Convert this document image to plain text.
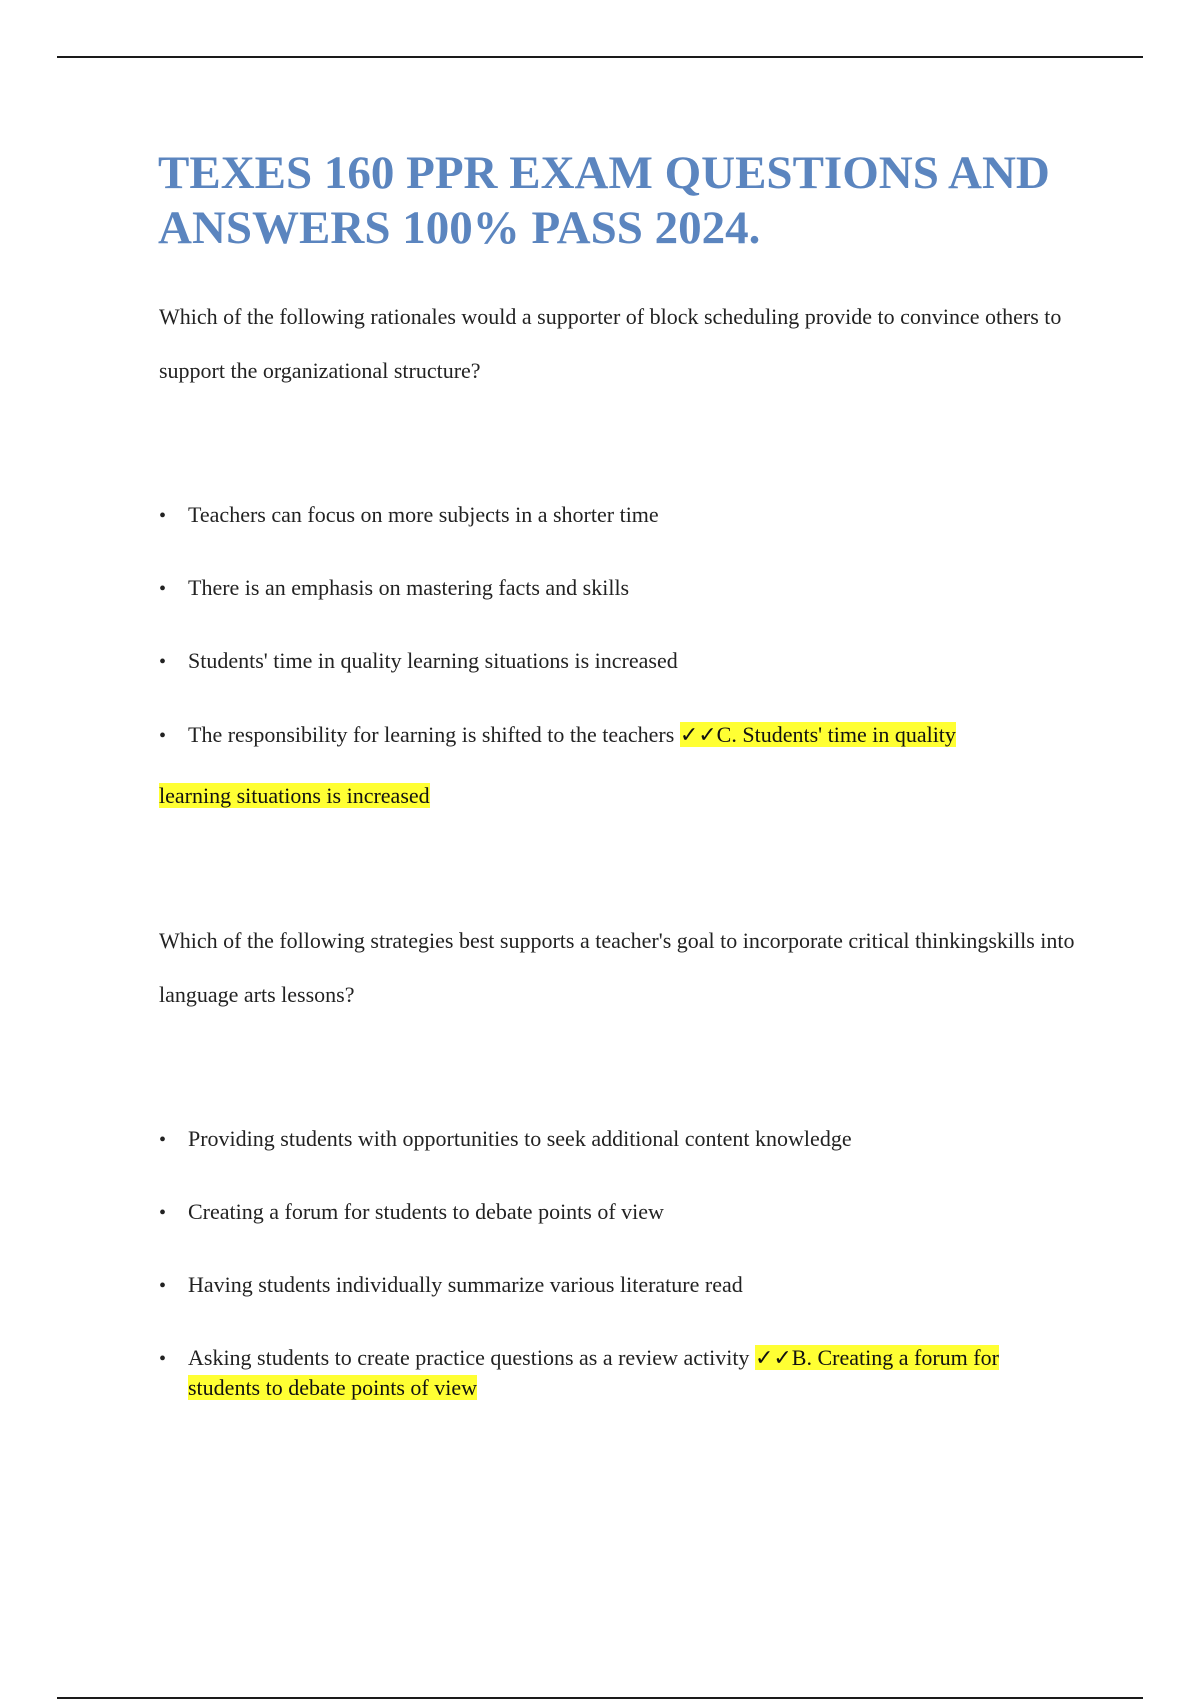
TEXES 160 PPR EXAM QUESTIONS AND ANSWERS 100% PASS 2024.

Which of the following rationales would a supporter of block scheduling provide to convince others to support the organizational structure?

• Teachers can focus on more subjects in a shorter time

• There is an emphasis on mastering facts and skills

• Students' time in quality learning situations is increased

• The responsibility for learning is shifted to the teachers ✓✓C. Students' time in quality

learning situations is increased

Which of the following strategies best supports a teacher's goal to incorporate critical thinkingskills into language arts lessons?

• Providing students with opportunities to seek additional content knowledge

• Creating a forum for students to debate points of view

• Having students individually summarize various literature read

• Asking students to create practice questions as a review activity ✓✓B. Creating a forum for

students to debate points of view
